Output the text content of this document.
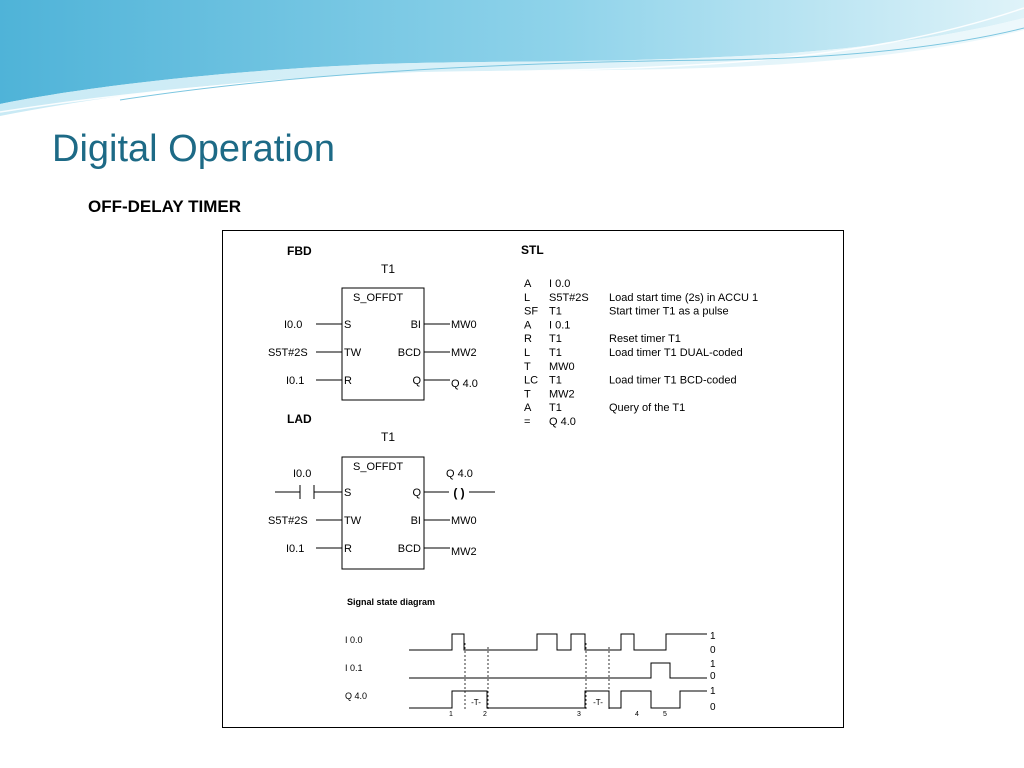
Digital Operation
OFF-DELAY TIMER
FBD
T1
S_OFFDT
I0.0
S5T#2S
I0.1
S
TW
R
BI
BCD
Q
MW0
MW2
Q 4.0
LAD
T1
S_OFFDT
I0.0	Q 4.0
( )
S5T#2S
I0.1
S
TW
R
Q
BI
BCD
MW0
MW2
STL
A I 0.0
L S5T#2S Load start time (2s) in ACCU 1
SF T1	Start timer T1 as a pulse
A I 0.1
R T1	Reset timer T1
L T1	Load timer T1 DUAL-coded
T MW0
LC T1	Load timer T1 BCD-coded
T MW2
A T1	Query of the T1
= Q 4.0
Signal state diagram
I 0.0
I 0.1
Q 4.0
1
0
1
0
1
0
-T-	-T-
1	2	3	4	5
| |
